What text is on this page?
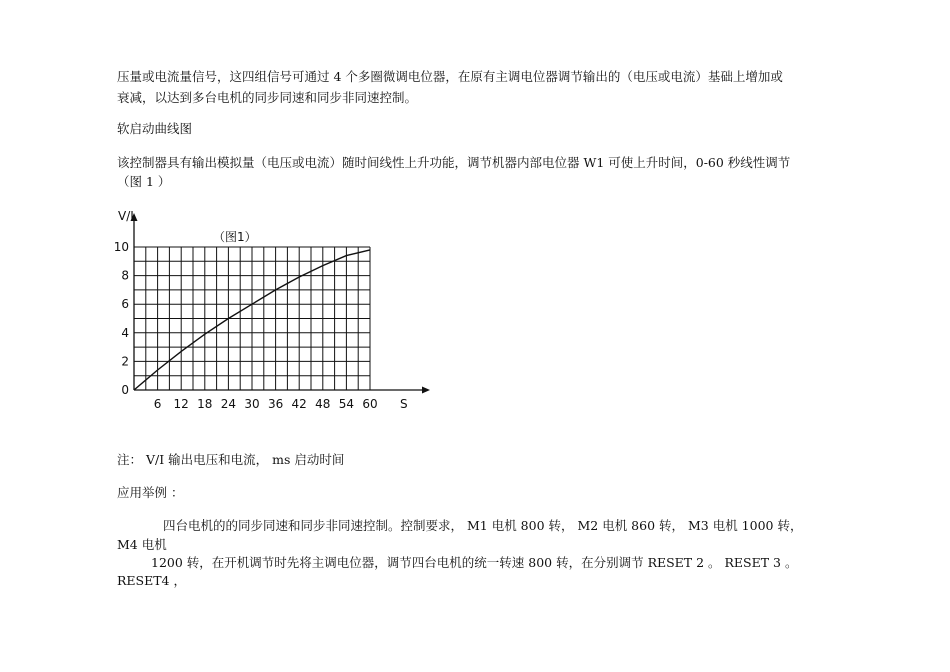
压量或电流量信号，这四组信号可通过 4 个多圈微调电位器，在原有主调电位器调节输出的（电压或电流）基础上增加或
衰减，以达到多台电机的同步同速和同步非同速控制。
软启动曲线图
该控制器具有输出模拟量（电压或电流）随时间线性上升功能，调节机器内部电位器 W1 可使上升时间，0-60 秒线性调节
（图 1 ）
6 12 18 24 30 36 42 48 54 60
0
2
4
6
8
10
V/I
S
（图1）
注： V/I 输出电压和电流， ms 启动时间
应用举例 ：
四台电机的的同步同速和同步非同速控制。控制要求， M1 电机 800 转， M2 电机 860 转， M3 电机 1000 转，
M4 电机
1200 转，在开机调节时先将主调电位器，调节四台电机的统一转速 800 转，在分别调节 RESET 2 。 RESET 3 。
RESET4 ，
